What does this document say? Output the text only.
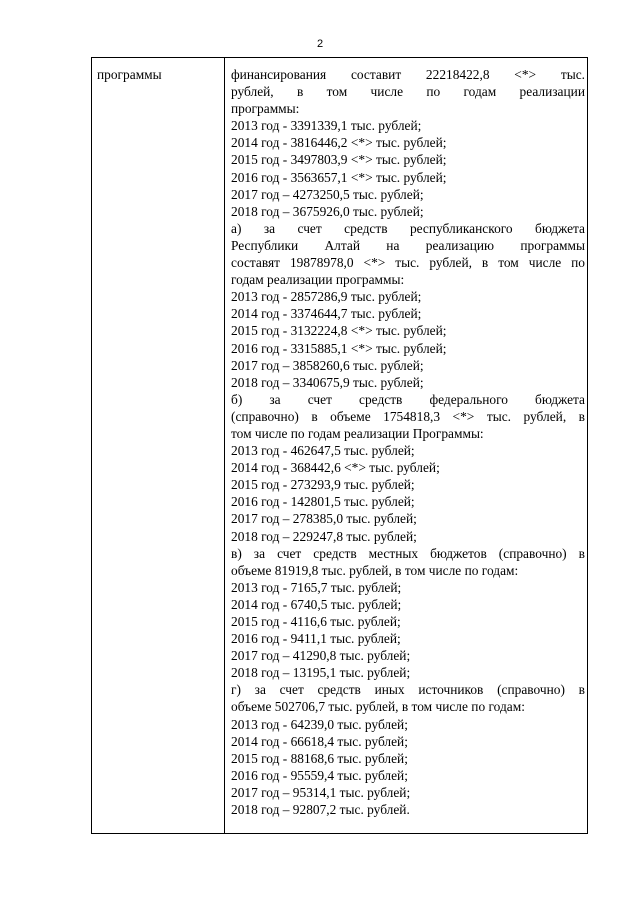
2
программы	финансирования составит 22218422,8 <*> тыс.
рублей, в том числе по годам реализации
программы:
2013 год - 3391339,1 тыс. рублей;
2014 год - 3816446,2 <*> тыс. рублей;
2015 год - 3497803,9 <*> тыс. рублей;
2016 год - 3563657,1 <*> тыс. рублей;
2017 год – 4273250,5 тыс. рублей;
2018 год – 3675926,0 тыс. рублей;
а) за счет средств республиканского бюджета
Республики Алтай на реализацию программы
составят 19878978,0 <*> тыс. рублей, в том числе по
годам реализации программы:
2013 год - 2857286,9 тыс. рублей;
2014 год - 3374644,7 тыс. рублей;
2015 год - 3132224,8 <*> тыс. рублей;
2016 год - 3315885,1 <*> тыс. рублей;
2017 год – 3858260,6 тыс. рублей;
2018 год – 3340675,9 тыс. рублей;
б) за счет средств федерального бюджета
(справочно) в объеме 1754818,3 <*> тыс. рублей, в
том числе по годам реализации Программы:
2013 год - 462647,5 тыс. рублей;
2014 год - 368442,6 <*> тыс. рублей;
2015 год - 273293,9 тыс. рублей;
2016 год - 142801,5 тыс. рублей;
2017 год – 278385,0 тыс. рублей;
2018 год – 229247,8 тыс. рублей;
в) за счет средств местных бюджетов (справочно) в
объеме 81919,8 тыс. рублей, в том числе по годам:
2013 год - 7165,7 тыс. рублей;
2014 год - 6740,5 тыс. рублей;
2015 год - 4116,6 тыс. рублей;
2016 год - 9411,1 тыс. рублей;
2017 год – 41290,8 тыс. рублей;
2018 год – 13195,1 тыс. рублей;
г) за счет средств иных источников (справочно) в
объеме 502706,7 тыс. рублей, в том числе по годам:
2013 год - 64239,0 тыс. рублей;
2014 год - 66618,4 тыс. рублей;
2015 год - 88168,6 тыс. рублей;
2016 год - 95559,4 тыс. рублей;
2017 год – 95314,1 тыс. рублей;
2018 год – 92807,2 тыс. рублей.
